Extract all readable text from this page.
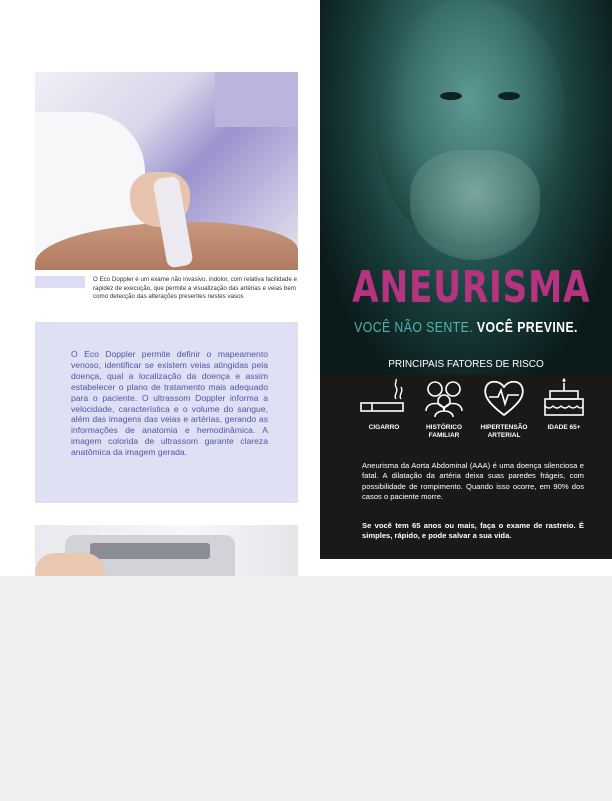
O Eco Doppler é um exame não invasivo, indolor, com relativa facilidade e rapidez de execução, que permite a visualização das artérias e veias bem como detecção das alterações presentes nestes vasos

O Eco Doppler permite definir o mapeamento venoso, identificar se existem veias atingidas pela doença, qual a localização da doença e assim estabelecer o plano de tratamento mais adequado para o paciente. O ultrassom Doppler informa a velocidade, característica e o volume do sangue, além das imagens das veias e artérias, gerando as informações de anatomia e hemodinâmica. A imagem colorida de ultrassom garante clareza anatômica da imagem gerada.

ANEURISMA
VOCÊ NÃO SENTE. VOCÊ PREVINE.
PRINCIPAIS FATORES DE RISCO
CIGARRO	HISTÓRICO FAMILIAR
HIPERTENSÃO ARTERIAL
IDADE 65+
Aneurisma da Aorta Abdominal (AAA) é uma doença silenciosa e fatal. A dilatação da artéria deixa suas paredes frágeis, com possibilidade de rompimento. Quando isso ocorre, em 90% dos casos o paciente morre.
Se você tem 65 anos ou mais, faça o exame de rastreio. É simples, rápido, e pode salvar a sua vida.
